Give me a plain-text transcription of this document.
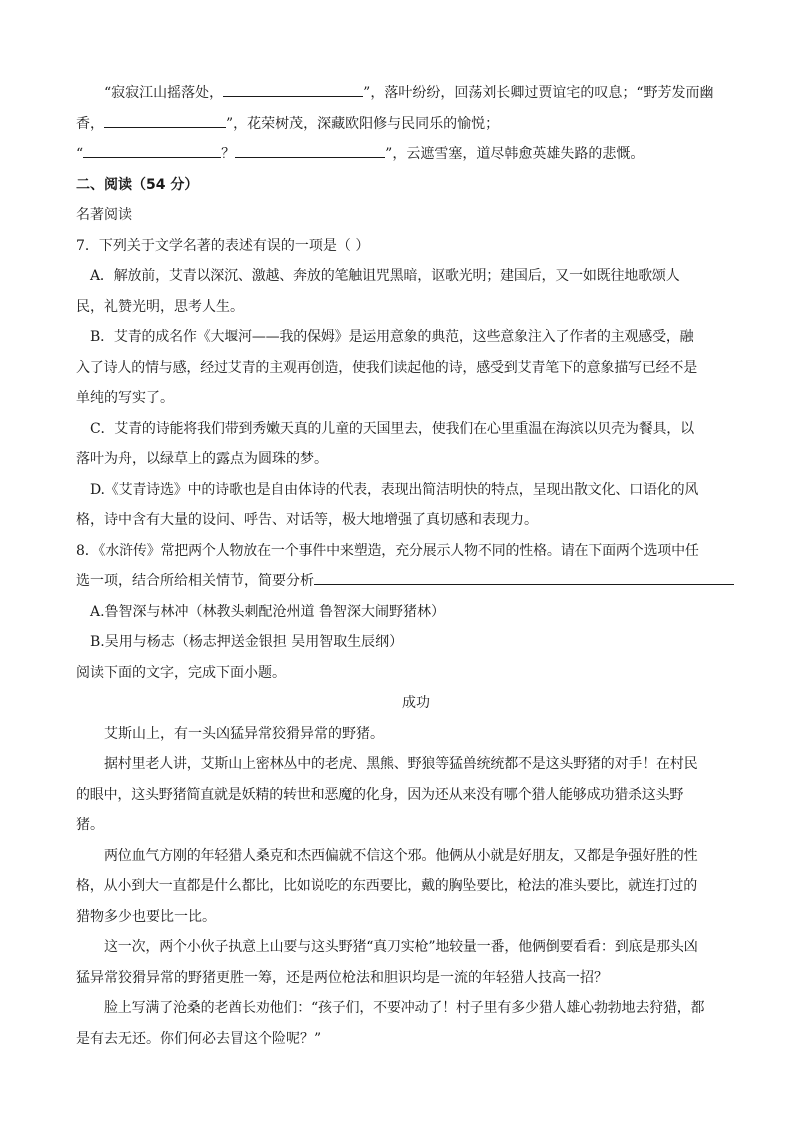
“寂寂江山摇落处，	”，落叶纷纷，回荡刘长卿过贾谊宅的叹息；“野芳发而幽
香，	”，花荣树茂，深藏欧阳修与民同乐的愉悦；
“	？	”，云遮雪塞，道尽韩愈英雄失路的悲慨。
二、阅读（54 分）
名著阅读
7．下列关于文学名著的表述有误的一项是（ ）
A．解放前，艾青以深沉、激越、奔放的笔触诅咒黑暗，讴歌光明；建国后，又一如既往地歌颂人
民，礼赞光明，思考人生。
B．艾青的成名作《大堰河——我的保姆》是运用意象的典范，这些意象注入了作者的主观感受，融
入了诗人的情与感，经过艾青的主观再创造，使我们读起他的诗，感受到艾青笔下的意象描写已经不是
单纯的写实了。
C．艾青的诗能将我们带到秀嫩天真的儿童的天国里去，使我们在心里重温在海滨以贝壳为餐具，以
落叶为舟，以绿草上的露点为圆珠的梦。
D.《艾青诗选》中的诗歌也是自由体诗的代表，表现出简洁明快的特点，呈现出散文化、口语化的风
格，诗中含有大量的设问、呼告、对话等，极大地增强了真切感和表现力。
8．《水浒传》常把两个人物放在一个事件中来塑造，充分展示人物不同的性格。请在下面两个选项中任
选一项，结合所给相关情节，简要分析
A.鲁智深与林冲（林教头刺配沧州道 鲁智深大闹野猪林）
B.吴用与杨志（杨志押送金银担 吴用智取生辰纲）
阅读下面的文字，完成下面小题。
成功
艾斯山上，有一头凶猛异常狡猾异常的野猪。
据村里老人讲，艾斯山上密林丛中的老虎、黑熊、野狼等猛兽统统都不是这头野猪的对手！在村民
的眼中，这头野猪简直就是妖精的转世和恶魔的化身，因为还从来没有哪个猎人能够成功猎杀这头野
猪。
两位血气方刚的年轻猎人桑克和杰西偏就不信这个邪。他俩从小就是好朋友，又都是争强好胜的性
格，从小到大一直都是什么都比，比如说吃的东西要比，戴的胸坠要比，枪法的准头要比，就连打过的
猎物多少也要比一比。
这一次，两个小伙子执意上山要与这头野猪“真刀实枪”地较量一番，他俩倒要看看：到底是那头凶
猛异常狡猾异常的野猪更胜一筹，还是两位枪法和胆识均是一流的年轻猎人技高一招？
脸上写满了沧桑的老酋长劝他们：“孩子们，不要冲动了！村子里有多少猎人雄心勃勃地去狩猎，都
是有去无还。你们何必去冒这个险呢？”
